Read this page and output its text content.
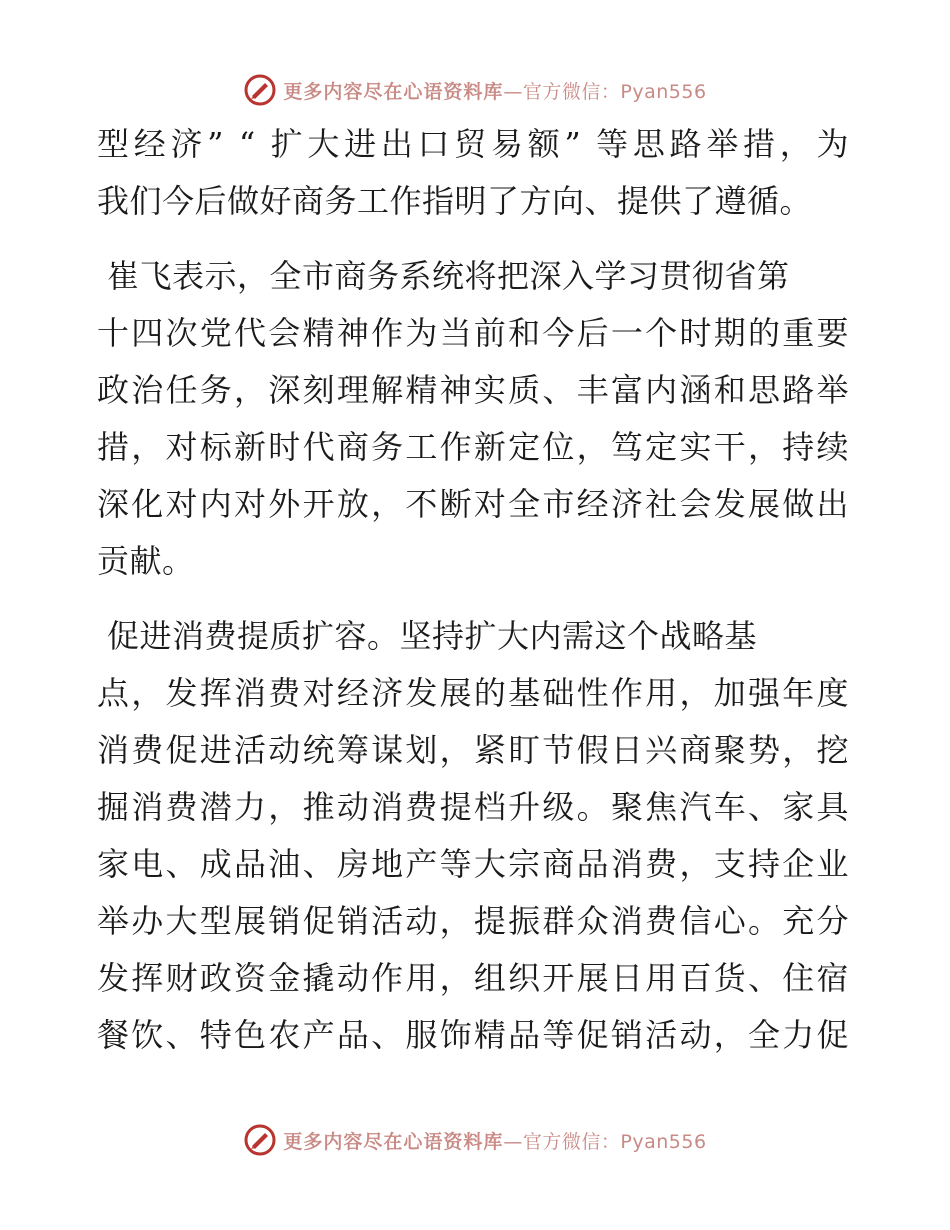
更多内容尽在心语资料库—官方微信：Pyan556
型经济” “ 扩大进出口贸易额” 等思路举措，为
我们今后做好商务工作指明了方向、提供了遵循。
崔飞表示，全市商务系统将把深入学习贯彻省第
十四次党代会精神作为当前和今后一个时期的重要
政治任务，深刻理解精神实质、丰富内涵和思路举
措，对标新时代商务工作新定位，笃定实干，持续
深化对内对外开放，不断对全市经济社会发展做出
贡献。
促进消费提质扩容。坚持扩大内需这个战略基
点，发挥消费对经济发展的基础性作用，加强年度
消费促进活动统筹谋划，紧盯节假日兴商聚势，挖
掘消费潜力，推动消费提档升级。聚焦汽车、家具
家电、成品油、房地产等大宗商品消费，支持企业
举办大型展销促销活动，提振群众消费信心。充分
发挥财政资金撬动作用，组织开展日用百货、住宿
餐饮、特色农产品、服饰精品等促销活动，全力促
更多内容尽在心语资料库—官方微信：Pyan556
